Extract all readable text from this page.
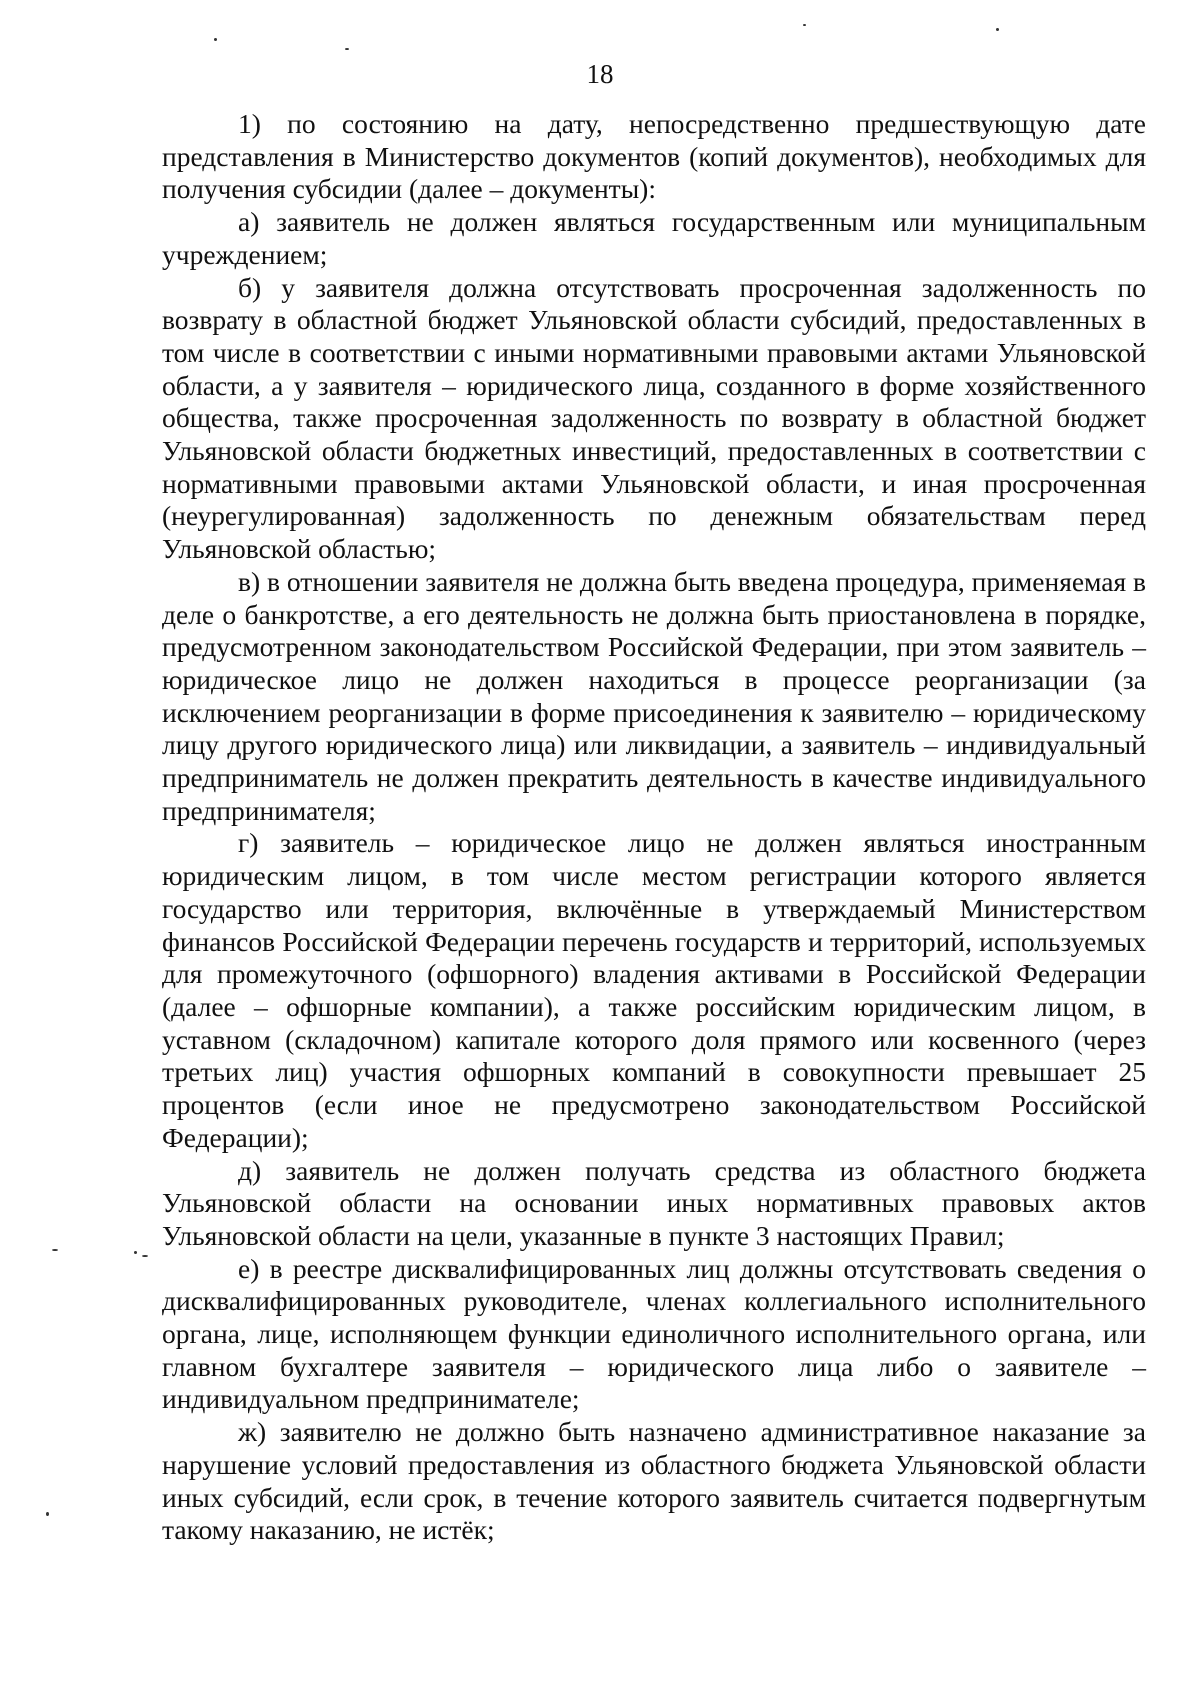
18

1) по состоянию на дату, непосредственно предшествующую дате представления в Министерство документов (копий документов), необходимых для получения субсидии (далее – документы):

а) заявитель не должен являться государственным или муниципальным учреждением;

б) у заявителя должна отсутствовать просроченная задолженность по возврату в областной бюджет Ульяновской области субсидий, предоставленных в том числе в соответствии с иными нормативными правовыми актами Ульяновской области, а у заявителя – юридического лица, созданного в форме хозяйственного общества, также просроченная задолженность по возврату в областной бюджет Ульяновской области бюджетных инвестиций, предоставленных в соответствии с нормативными правовыми актами Ульяновской области, и иная просроченная (неурегулированная) задолженность по денежным обязательствам перед Ульяновской областью;

в) в отношении заявителя не должна быть введена процедура, применяемая в деле о банкротстве, а его деятельность не должна быть приостановлена в порядке, предусмотренном законодательством Российской Федерации, при этом заявитель – юридическое лицо не должен находиться в процессе реорганизации (за исключением реорганизации в форме присоединения к заявителю – юридическому лицу другого юридического лица) или ликвидации, а заявитель – индивидуальный предприниматель не должен прекратить деятельность в качестве индивидуального предпринимателя;

г) заявитель – юридическое лицо не должен являться иностранным юридическим лицом, в том числе местом регистрации которого является государство или территория, включённые в утверждаемый Министерством финансов Российской Федерации перечень государств и территорий, используемых для промежуточного (офшорного) владения активами в Российской Федерации (далее – офшорные компании), а также российским юридическим лицом, в уставном (складочном) капитале которого доля прямого или косвенного (через третьих лиц) участия офшорных компаний в совокупности превышает 25 процентов (если иное не предусмотрено законодательством Российской Федерации);

д) заявитель не должен получать средства из областного бюджета Ульяновской области на основании иных нормативных правовых актов Ульяновской области на цели, указанные в пункте 3 настоящих Правил;

е) в реестре дисквалифицированных лиц должны отсутствовать сведения о дисквалифицированных руководителе, членах коллегиального исполнительного органа, лице, исполняющем функции единоличного исполнительного органа, или главном бухгалтере заявителя – юридического лица либо о заявителе – индивидуальном предпринимателе;

ж) заявителю не должно быть назначено административное наказание за нарушение условий предоставления из областного бюджета Ульяновской области иных субсидий, если срок, в течение которого заявитель считается подвергнутым такому наказанию, не истёк;
